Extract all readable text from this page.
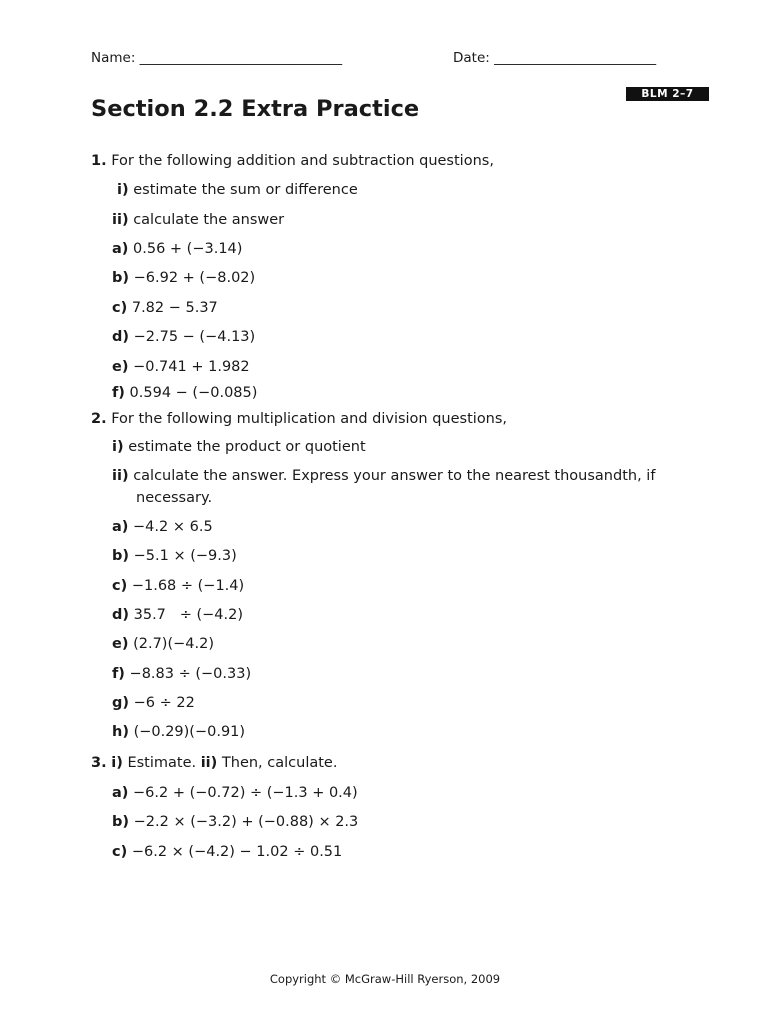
Name: ______________________________	Date: ________________________
BLM 2–7
Section 2.2 Extra Practice
1. For the following addition and subtraction questions,
i) estimate the sum or difference
ii) calculate the answer
a) 0.56 + (−3.14)
b) −6.92 + (−8.02)
c) 7.82 − 5.37
d) −2.75 − (−4.13)
e) −0.741 + 1.982
f) 0.594 − (−0.085)
2. For the following multiplication and division questions,
i) estimate the product or quotient
ii) calculate the answer. Express your answer to the nearest thousandth, if
necessary.
a) −4.2 × 6.5
b) −5.1 × (−9.3)
c) −1.68 ÷ (−1.4)
d) 35.7   ÷ (−4.2)
e) (2.7)(−4.2)
f) −8.83 ÷ (−0.33)
g) −6 ÷ 22
h) (−0.29)(−0.91)
3. i) Estimate. ii) Then, calculate.
a) −6.2 + (−0.72) ÷ (−1.3 + 0.4)
b) −2.2 × (−3.2) + (−0.88) × 2.3
c) −6.2 × (−4.2) − 1.02 ÷ 0.51
Copyright © McGraw-Hill Ryerson, 2009
